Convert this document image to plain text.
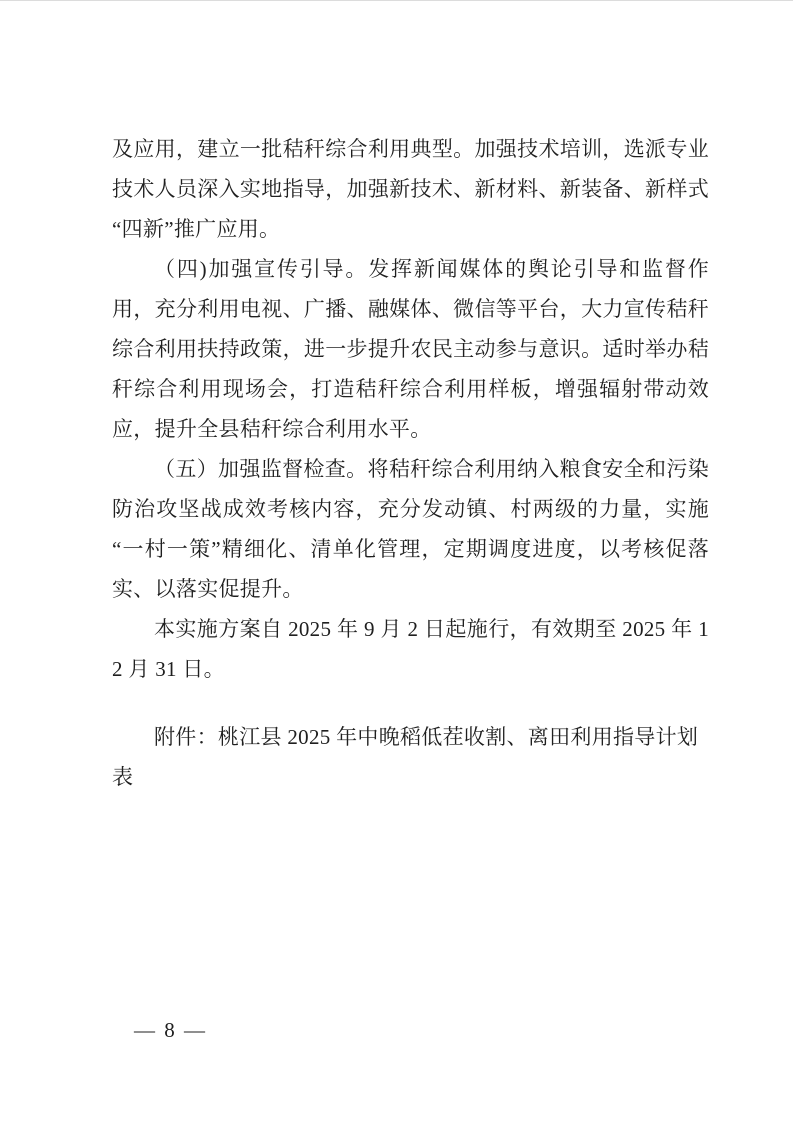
及应用，建立一批秸秆综合利用典型。加强技术培训，选派专业技术人员深入实地指导，加强新技术、新材料、新装备、新样式“四新”推广应用。

（四)加强宣传引导。发挥新闻媒体的舆论引导和监督作用，充分利用电视、广播、融媒体、微信等平台，大力宣传秸秆综合利用扶持政策，进一步提升农民主动参与意识。适时举办秸秆综合利用现场会，打造秸秆综合利用样板，增强辐射带动效应，提升全县秸秆综合利用水平。

（五）加强监督检查。将秸秆综合利用纳入粮食安全和污染防治攻坚战成效考核内容，充分发动镇、村两级的力量，实施“一村一策”精细化、清单化管理，定期调度进度，以考核促落实、以落实促提升。

本实施方案自 2025 年 9 月 2 日起施行，有效期至 2025 年 12 月 31 日。

附件：桃江县 2025 年中晚稻低茬收割、离田利用指导计划表

— 8 —
